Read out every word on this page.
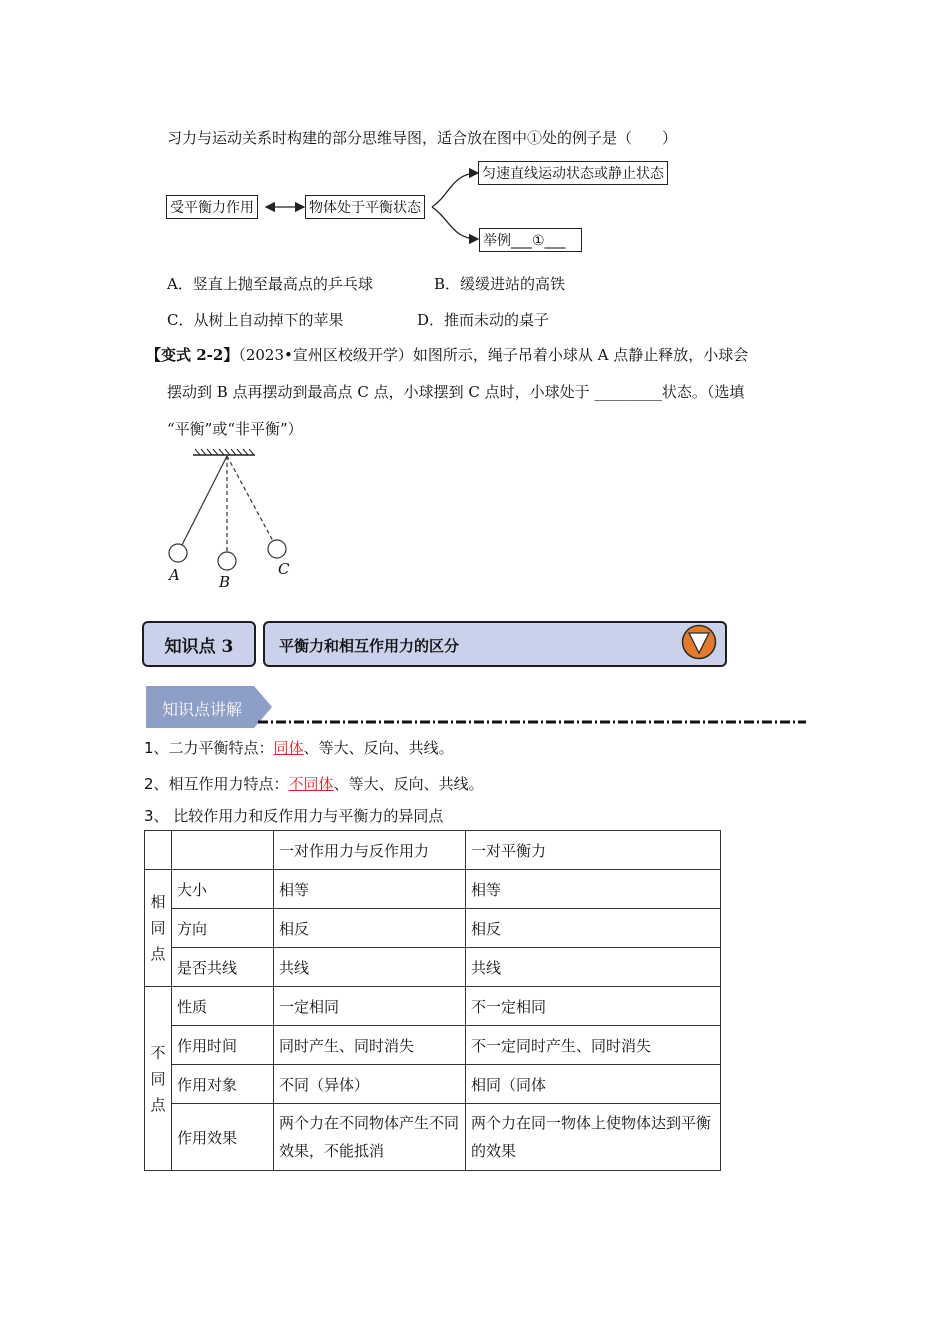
习力与运动关系时构建的部分思维导图，适合放在图中①处的例子是（　　）
受平衡力作用	物体处于平衡状态
匀速直线运动状态或静止状态
举例___①___
A．竖直上抛至最高点的乒乓球	B．缓缓进站的高铁
C．从树上自动掉下的苹果	D．推而未动的桌子
【变式 2-2】（2023•宣州区校级开学）如图所示，绳子吊着小球从 A 点静止释放，小球会
摆动到 B 点再摆动到最高点 C 点，小球摆到 C 点时，小球处于 _________状态。（选填
“平衡”或“非平衡”）
A	B
C
知识点 3	平衡力和相互作用力的区分
知识点讲解
1、二力平衡特点：同体、等大、反向、共线。
2、相互作用力特点：不同体、等大、反向、共线。
3、 比较作用力和反作用力与平衡力的异同点
		一对作用力与反作用力	一对平衡力

相
同
点	大小	相等	相等
	方向	相反	相反
	是否共线	共线	共线

不
同
点	性质	一定相同	不一定相同
	作用时间	同时产生、同时消失	不一定同时产生、同时消失
	作用对象	不同（异体）	相同（同体
	作用效果	两个力在不同物体产生不同效果，不能抵消	两个力在同一物体上使物体达到平衡的效果
